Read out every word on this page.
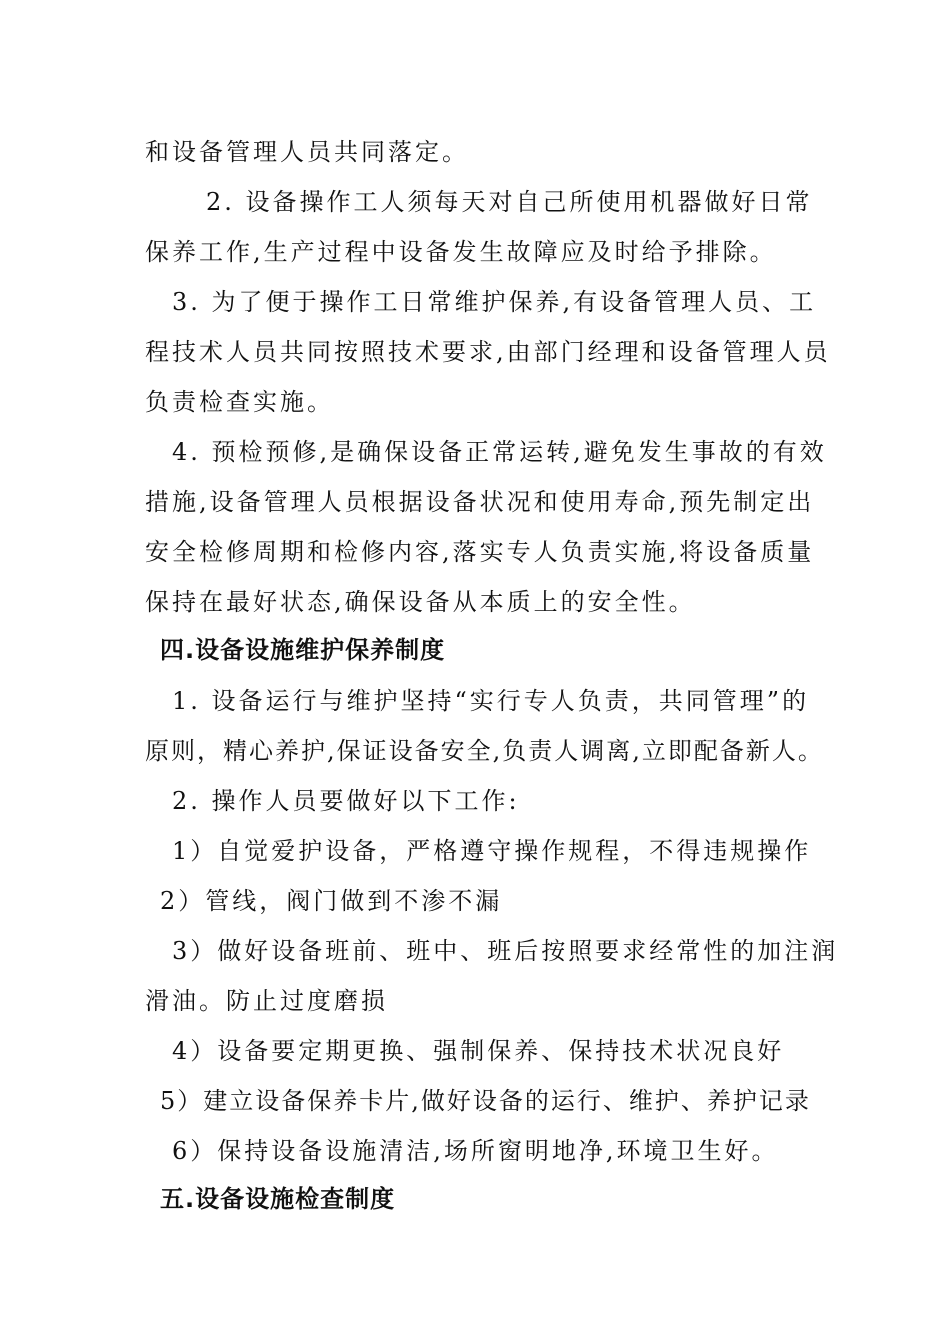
和设备管理人员共同落定。
2. 设备操作工人须每天对自己所使用机器做好日常
保养工作,生产过程中设备发生故障应及时给予排除。
3. 为了便于操作工日常维护保养,有设备管理人员、工
程技术人员共同按照技术要求,由部门经理和设备管理人员
负责检查实施。
4. 预检预修,是确保设备正常运转,避免发生事故的有效
措施,设备管理人员根据设备状况和使用寿命,预先制定出
安全检修周期和检修内容,落实专人负责实施,将设备质量
保持在最好状态,确保设备从本质上的安全性。
四.设备设施维护保养制度
1. 设备运行与维护坚持“实行专人负责，共同管理”的
原则，精心养护,保证设备安全,负责人调离,立即配备新人。
2. 操作人员要做好以下工作:
1）自觉爱护设备，严格遵守操作规程，不得违规操作
2）管线，阀门做到不渗不漏
3）做好设备班前、班中、班后按照要求经常性的加注润
滑油。防止过度磨损
4）设备要定期更换、强制保养、保持技术状况良好
5）建立设备保养卡片,做好设备的运行、维护、养护记录
6）保持设备设施清洁,场所窗明地净,环境卫生好。
五.设备设施检查制度
